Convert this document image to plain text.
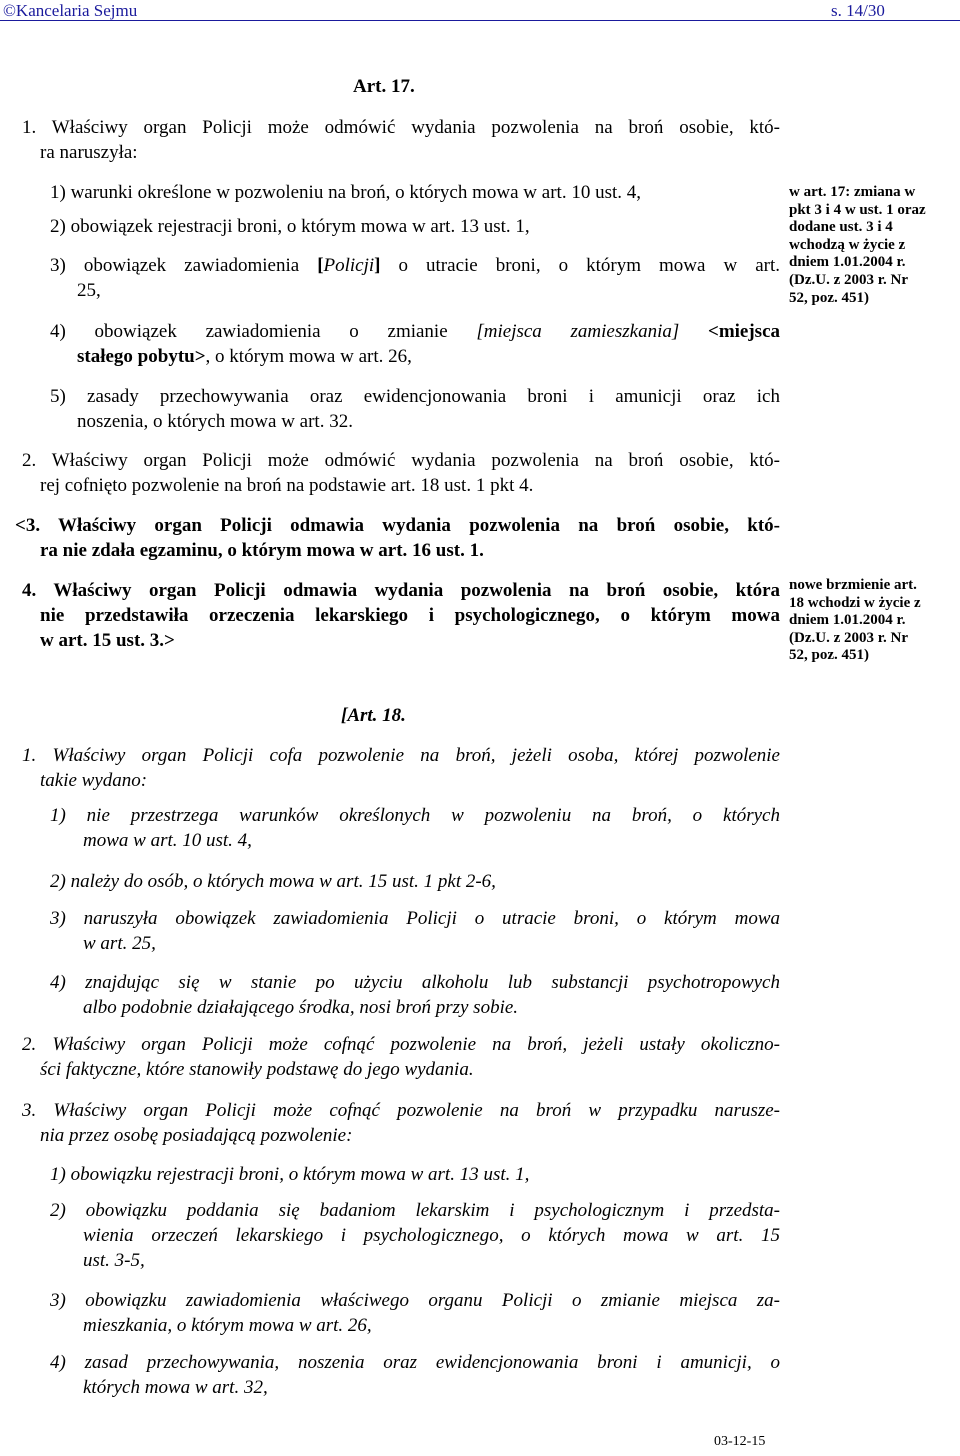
©Kancelaria Sejmu	s. 14/30
Art. 17.
1. Właściwy organ Policji może odmówić wydania pozwolenia na broń osobie, któ-
ra naruszyła:
1) warunki określone w pozwoleniu na broń, o których mowa w art. 10 ust. 4,
2) obowiązek rejestracji broni, o którym mowa w art. 13 ust. 1,
3) obowiązek zawiadomienia [Policji] o utracie broni, o którym mowa w art.
25,
4) obowiązek zawiadomienia o zmianie [miejsca zamieszkania] <miejsca
stałego pobytu>, o którym mowa w art. 26,
5) zasady przechowywania oraz ewidencjonowania broni i amunicji oraz ich
noszenia, o których mowa w art. 32.
2. Właściwy organ Policji może odmówić wydania pozwolenia na broń osobie, któ-
rej cofnięto pozwolenie na broń na podstawie art. 18 ust. 1 pkt 4.
<3. Właściwy organ Policji odmawia wydania pozwolenia na broń osobie, któ-
ra nie zdała egzaminu, o którym mowa w art. 16 ust. 1.
4. Właściwy organ Policji odmawia wydania pozwolenia na broń osobie, która
nie przedstawiła orzeczenia lekarskiego i psychologicznego, o którym mowa
w art. 15 ust. 3.>
[Art. 18.
1. Właściwy organ Policji cofa pozwolenie na broń, jeżeli osoba, której pozwolenie
takie wydano:
1) nie przestrzega warunków określonych w pozwoleniu na broń, o których
mowa w art. 10 ust. 4,
2) należy do osób, o których mowa w art. 15 ust. 1 pkt 2-6,
3) naruszyła obowiązek zawiadomienia Policji o utracie broni, o którym mowa
w art. 25,
4) znajdując się w stanie po użyciu alkoholu lub substancji psychotropowych
albo podobnie działającego środka, nosi broń przy sobie.
2. Właściwy organ Policji może cofnąć pozwolenie na broń, jeżeli ustały okoliczno-
ści faktyczne, które stanowiły podstawę do jego wydania.
3. Właściwy organ Policji może cofnąć pozwolenie na broń w przypadku narusze-
nia przez osobę posiadającą pozwolenie:
1) obowiązku rejestracji broni, o którym mowa w art. 13 ust. 1,
2) obowiązku poddania się badaniom lekarskim i psychologicznym i przedsta-
wienia orzeczeń lekarskiego i psychologicznego, o których mowa w art. 15
ust. 3-5,
3) obowiązku zawiadomienia właściwego organu Policji o zmianie miejsca za-
mieszkania, o którym mowa w art. 26,
4) zasad przechowywania, noszenia oraz ewidencjonowania broni i amunicji, o
których mowa w art. 32,
w art. 17: zmiana w
pkt 3 i 4 w ust. 1 oraz
dodane ust. 3 i 4
wchodzą w życie z
dniem 1.01.2004 r.
(Dz.U. z 2003 r. Nr
52, poz. 451)
nowe brzmienie art.
18 wchodzi w życie z
dniem 1.01.2004 r.
(Dz.U. z 2003 r. Nr
52, poz. 451)
03-12-15
